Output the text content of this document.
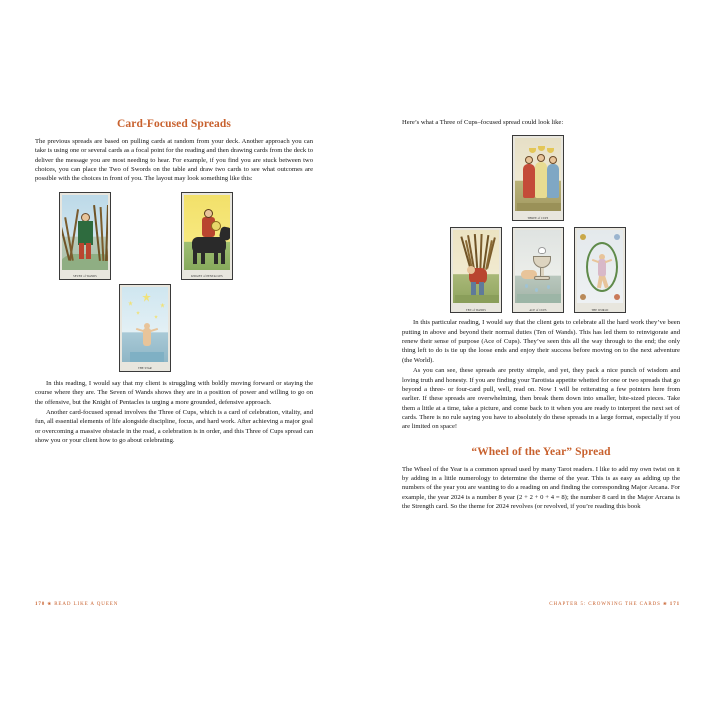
Card-Focused Spreads

The previous spreads are based on pulling cards at random from your deck. Another approach you can take is using one or several cards as a focal point for the reading and then drawing cards from the deck to deliver the message you are most needing to hear. For example, if you find you are stuck between two choices, you can place the Two of Swords on the table and draw two cards to see what outcomes are possible with the choices in front of you. The layout may look something like this:

SEVEN of WANDS	KNIGHT of PENTACLES
THE STAR

In this reading, I would say that my client is struggling with boldly moving forward or staying the course where they are. The Seven of Wands shows they are in a position of power and willing to go on the offensive, but the Knight of Pentacles is urging a more grounded, defensive approach.

Another card-focused spread involves the Three of Cups, which is a card of celebration, vitality, and fun, all essential elements of life alongside discipline, focus, and hard work. After achieving a major goal or overcoming a massive obstacle in the road, a celebration is in order, and this Three of Cups spread can show you or your client how to go about celebrating.

170 ❀ READ LIKE A QUEEN

Here’s what a Three of Cups–focused spread could look like:

THREE of CUPS
TEN of WANDS	ACE of CUPS	THE WORLD

In this particular reading, I would say that the client gets to celebrate all the hard work they’ve been putting in above and beyond their normal duties (Ten of Wands). This has led them to reinvigorate and renew their sense of purpose (Ace of Cups). They’ve seen this all the way through to the end; the only thing left to do is tie up the loose ends and enjoy their success before moving on to the next adventure (the World).

As you can see, these spreads are pretty simple, and yet, they pack a nice punch of wisdom and loving truth and honesty. If you are finding your Tarotista appetite whetted for one or two spreads that go beyond a three- or four-card pull, well, read on. Now I will be reiterating a few pointers here from earlier. If these spreads are overwhelming, then break them down into smaller, bite-sized pieces. Take them a little at a time, take a picture, and come back to it when you are ready to interpret the next set of cards. There is no rule saying you have to absolutely do these spreads in a large format, especially if you are limited on space!

“Wheel of the Year” Spread

The Wheel of the Year is a common spread used by many Tarot readers. I like to add my own twist on it by adding in a little numerology to determine the theme of the year. This is as easy as adding up the numbers of the year you are wanting to do a reading on and finding the corresponding Major Arcana. For example, the year 2024 is a number 8 year (2 + 2 + 0 + 4 = 8); the number 8 card in the Major Arcana is the Strength card. So the theme for 2024 revolves (or revolved, if you’re reading this book

CHAPTER 5: CROWNING THE CARDS ❀ 171
